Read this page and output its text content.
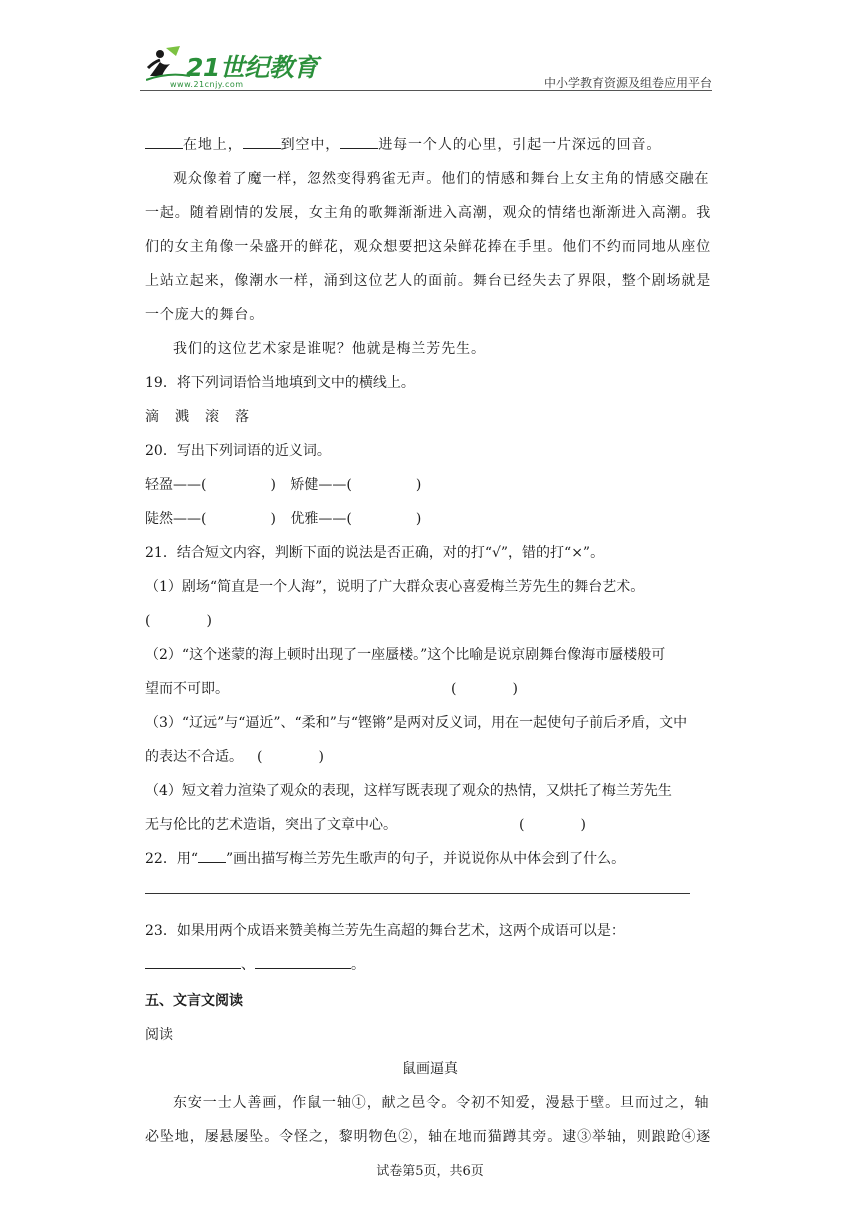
21世纪教育
www.21cnjy.com	中小学教育资源及组卷应用平台
在地上，	到空中，	进每一个人的心里，引起一片深远的回音。
观众像着了魔一样，忽然变得鸦雀无声。他们的情感和舞台上女主角的情感交融在
一起。随着剧情的发展，女主角的歌舞渐渐进入高潮，观众的情绪也渐渐进入高潮。我
们的女主角像一朵盛开的鲜花，观众想要把这朵鲜花捧在手里。他们不约而同地从座位
上站立起来，像潮水一样，涌到这位艺人的面前。舞台已经失去了界限，整个剧场就是
一个庞大的舞台。
我们的这位艺术家是谁呢？他就是梅兰芳先生。
19．将下列词语恰当地填到文中的横线上。
滴 溅 滚 落
20．写出下列词语的近义词。
轻盈——(	) 矫健——(	)
陡然——(	) 优雅——(	)
21．结合短文内容，判断下面的说法是否正确，对的打“√”，错的打“×”。
（1）剧场“简直是一个人海”，说明了广大群众衷心喜爱梅兰芳先生的舞台艺术。
(　　　　)
（2）“这个迷蒙的海上顿时出现了一座蜃楼。”这个比喻是说京剧舞台像海市蜃楼般可
望而不可即。	(　　　　)
（3）“辽远”与“逼近”、“柔和”与“铿锵”是两对反义词，用在一起使句子前后矛盾，文中
的表达不合适。 (　　　　)
（4）短文着力渲染了观众的表现，这样写既表现了观众的热情，又烘托了梅兰芳先生
无与伦比的艺术造诣，突出了文章中心。	(　　　　)
22．用“ ”画出描写梅兰芳先生歌声的句子，并说说你从中体会到了什么。
23．如果用两个成语来赞美梅兰芳先生高超的舞台艺术，这两个成语可以是：
、	。
五、文言文阅读
阅读
鼠画逼真
东安一士人善画，作鼠一轴①，献之邑令。令初不知爱，漫悬于壁。旦而过之，轴
必坠地，屡悬屡坠。令怪之，黎明物色②，轴在地而猫蹲其旁。逮③举轴，则踉跄④逐
试卷第5页，共6页
